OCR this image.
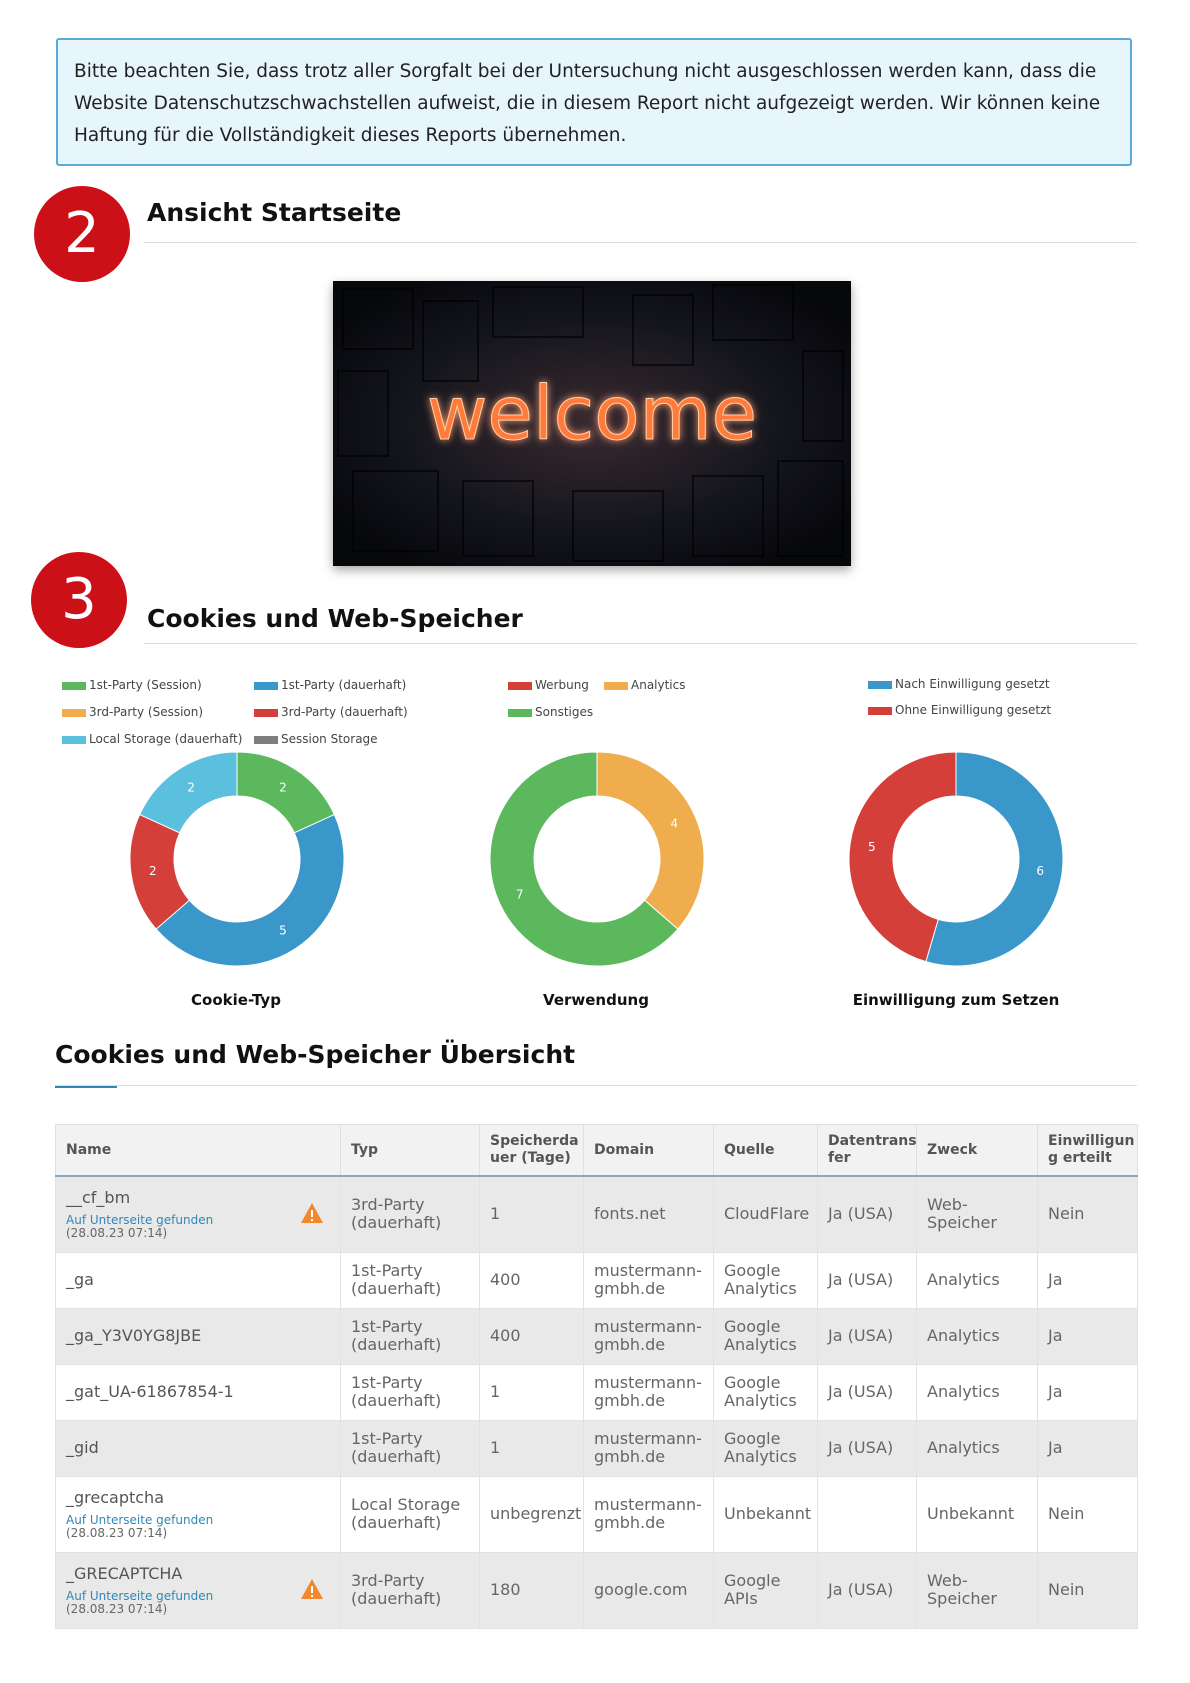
Bitte beachten Sie, dass trotz aller Sorgfalt bei der Untersuchung nicht ausgeschlossen werden kann, dass die
Website Datenschutzschwachstellen aufweist, die in diesem Report nicht aufgezeigt werden. Wir können keine
Haftung für die Vollständigkeit dieses Reports übernehmen.
2	Ansicht Startseite
welcome
3	Cookies und Web-Speicher
1st-Party (Session)	1st-Party (dauerhaft)
3rd-Party (Session)	3rd-Party (dauerhaft)
Local Storage (dauerhaft)	Session Storage
Werbung	Analytics
Sonstiges
Nach Einwilligung gesetzt
Ohne Einwilligung gesetzt
2
5
2
2
4
7
6
5
Cookie-Typ	Verwendung	Einwilligung zum Setzen
Cookies und Web-Speicher Übersicht
Name	Typ	Speicherda uer (Tage)	Domain	Quelle	Datentrans fer	Zweck	Einwilligun g erteilt

__cf_bm
Auf Unterseite gefunden
(28.08.23 07:14)	3rd-Party (dauerhaft)	1	fonts.net	CloudFlare	Ja (USA)	Web-Speicher	Nein

_ga	1st-Party (dauerhaft)	400	mustermann-gmbh.de	Google Analytics	Ja (USA)	Analytics	Ja

_ga_Y3V0YG8JBE	1st-Party (dauerhaft)	400	mustermann-gmbh.de	Google Analytics	Ja (USA)	Analytics	Ja

_gat_UA-61867854-1	1st-Party (dauerhaft)	1	mustermann-gmbh.de	Google Analytics	Ja (USA)	Analytics	Ja

_gid	1st-Party (dauerhaft)	1	mustermann-gmbh.de	Google Analytics	Ja (USA)	Analytics	Ja

_grecaptcha
Auf Unterseite gefunden
(28.08.23 07:14)	Local Storage (dauerhaft)	unbegrenzt	mustermann-gmbh.de	Unbekannt		Unbekannt	Nein

_GRECAPTCHA
Auf Unterseite gefunden
(28.08.23 07:14)	3rd-Party (dauerhaft)	180	google.com	Google APIs	Ja (USA)	Web-Speicher	Nein
